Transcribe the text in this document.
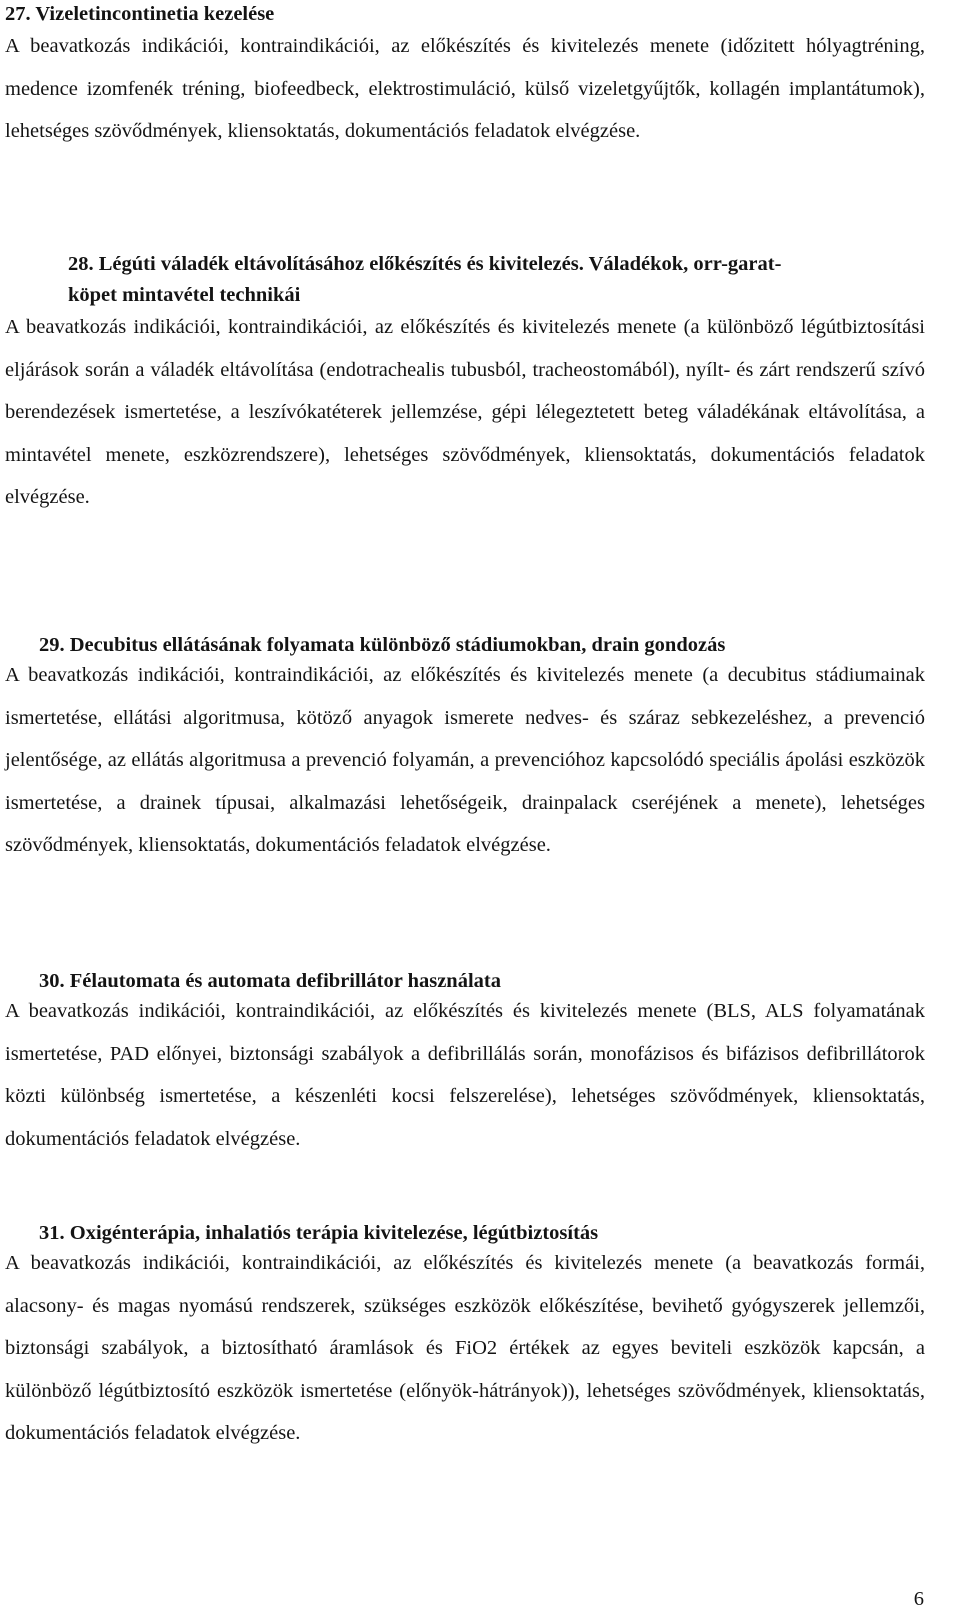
27. Vizeletincontinetia kezelése

A beavatkozás indikációi, kontraindikációi, az előkészítés és kivitelezés menete (időzitett hólyagtréning, medence izomfenék tréning, biofeedbeck, elektrostimuláció, külső vizeletgyűjtők, kollagén implantátumok), lehetséges szövődmények, kliensoktatás, dokumentációs feladatok elvégzése.

28. Légúti váladék eltávolításához előkészítés és kivitelezés. Váladékok, orr-garat-

köpet mintavétel technikái

A beavatkozás indikációi, kontraindikációi, az előkészítés és kivitelezés menete (a különböző légútbiztosítási eljárások során a váladék eltávolítása (endotrachealis tubusból, tracheostomából), nyílt- és zárt rendszerű szívó berendezések ismertetése, a leszívókatéterek jellemzése, gépi lélegeztetett beteg váladékának eltávolítása, a mintavétel menete, eszközrendszere), lehetséges szövődmények, kliensoktatás, dokumentációs feladatok elvégzése.

29. Decubitus ellátásának folyamata különböző stádiumokban, drain gondozás

A beavatkozás indikációi, kontraindikációi, az előkészítés és kivitelezés menete (a decubitus stádiumainak ismertetése, ellátási algoritmusa, kötöző anyagok ismerete nedves- és száraz sebkezeléshez, a prevenció jelentősége, az ellátás algoritmusa a prevenció folyamán, a prevencióhoz kapcsolódó speciális ápolási eszközök ismertetése, a drainek típusai, alkalmazási lehetőségeik, drainpalack cseréjének a menete), lehetséges szövődmények, kliensoktatás, dokumentációs feladatok elvégzése.

30. Félautomata és automata defibrillátor használata

A beavatkozás indikációi, kontraindikációi, az előkészítés és kivitelezés menete (BLS, ALS folyamatának ismertetése, PAD előnyei, biztonsági szabályok a defibrillálás során, monofázisos és bifázisos defibrillátorok közti különbség ismertetése, a készenléti kocsi felszerelése), lehetséges szövődmények, kliensoktatás, dokumentációs feladatok elvégzése.

31. Oxigénterápia, inhalatiós terápia kivitelezése, légútbiztosítás

A beavatkozás indikációi, kontraindikációi, az előkészítés és kivitelezés menete (a beavatkozás formái, alacsony- és magas nyomású rendszerek, szükséges eszközök előkészítése, bevihető gyógyszerek jellemzői, biztonsági szabályok, a biztosítható áramlások és FiO2 értékek az egyes beviteli eszközök kapcsán, a különböző légútbiztosító eszközök ismertetése (előnyök-hátrányok)), lehetséges szövődmények, kliensoktatás, dokumentációs feladatok elvégzése.

6
